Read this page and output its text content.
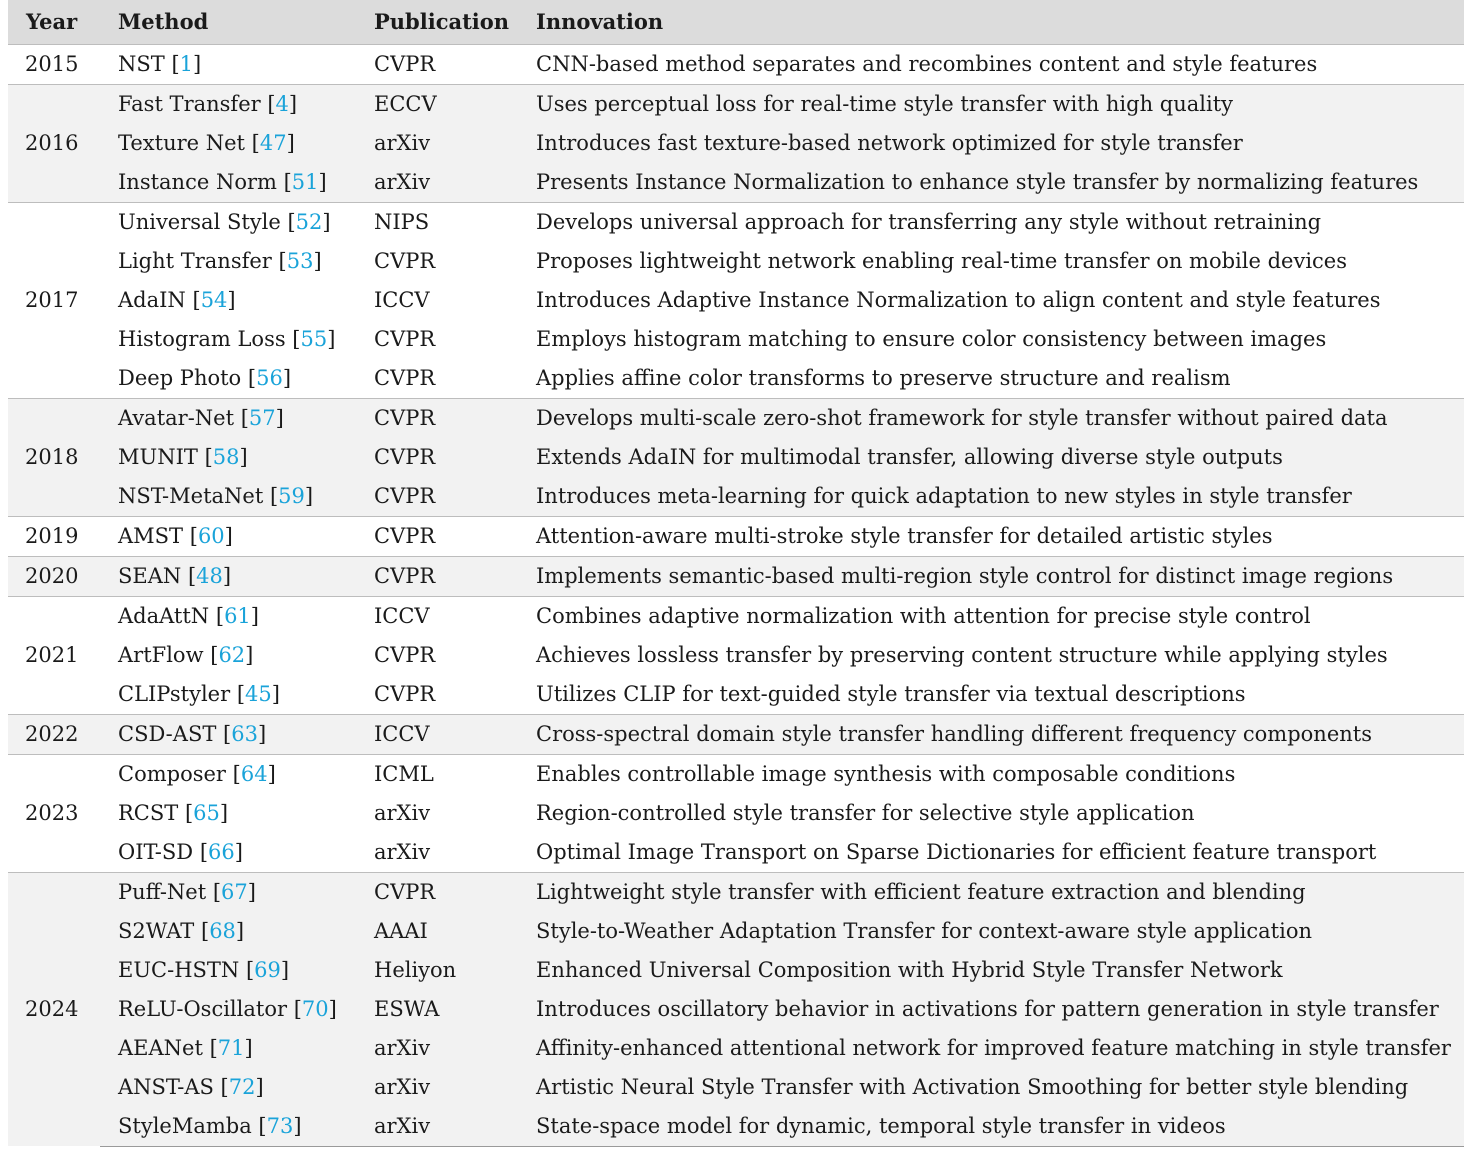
Year	Method	Publication	Innovation
2015	NST [1]	CVPR	CNN-based method separates and recombines content and style features
2016	Fast Transfer [4]	ECCV	Uses perceptual loss for real-time style transfer with high quality
	Texture Net [47]	arXiv	Introduces fast texture-based network optimized for style transfer
	Instance Norm [51]	arXiv	Presents Instance Normalization to enhance style transfer by normalizing features
2017	Universal Style [52]	NIPS	Develops universal approach for transferring any style without retraining
	Light Transfer [53]	CVPR	Proposes lightweight network enabling real-time transfer on mobile devices
	AdaIN [54]	ICCV	Introduces Adaptive Instance Normalization to align content and style features
	Histogram Loss [55]	CVPR	Employs histogram matching to ensure color consistency between images
	Deep Photo [56]	CVPR	Applies affine color transforms to preserve structure and realism
2018	Avatar-Net [57]	CVPR	Develops multi-scale zero-shot framework for style transfer without paired data
	MUNIT [58]	CVPR	Extends AdaIN for multimodal transfer, allowing diverse style outputs
	NST-MetaNet [59]	CVPR	Introduces meta-learning for quick adaptation to new styles in style transfer
2019	AMST [60]	CVPR	Attention-aware multi-stroke style transfer for detailed artistic styles
2020	SEAN [48]	CVPR	Implements semantic-based multi-region style control for distinct image regions
2021	AdaAttN [61]	ICCV	Combines adaptive normalization with attention for precise style control
	ArtFlow [62]	CVPR	Achieves lossless transfer by preserving content structure while applying styles
	CLIPstyler [45]	CVPR	Utilizes CLIP for text-guided style transfer via textual descriptions
2022	CSD-AST [63]	ICCV	Cross-spectral domain style transfer handling different frequency components
2023	Composer [64]	ICML	Enables controllable image synthesis with composable conditions
	RCST [65]	arXiv	Region-controlled style transfer for selective style application
	OIT-SD [66]	arXiv	Optimal Image Transport on Sparse Dictionaries for efficient feature transport
2024	Puff-Net [67]	CVPR	Lightweight style transfer with efficient feature extraction and blending
	S2WAT [68]	AAAI	Style-to-Weather Adaptation Transfer for context-aware style application
	EUC-HSTN [69]	Heliyon	Enhanced Universal Composition with Hybrid Style Transfer Network
	ReLU-Oscillator [70]	ESWA	Introduces oscillatory behavior in activations for pattern generation in style transfer
	AEANet [71]	arXiv	Affinity-enhanced attentional network for improved feature matching in style transfer
	ANST-AS [72]	arXiv	Artistic Neural Style Transfer with Activation Smoothing for better style blending
	StyleMamba [73]	arXiv	State-space model for dynamic, temporal style transfer in videos
